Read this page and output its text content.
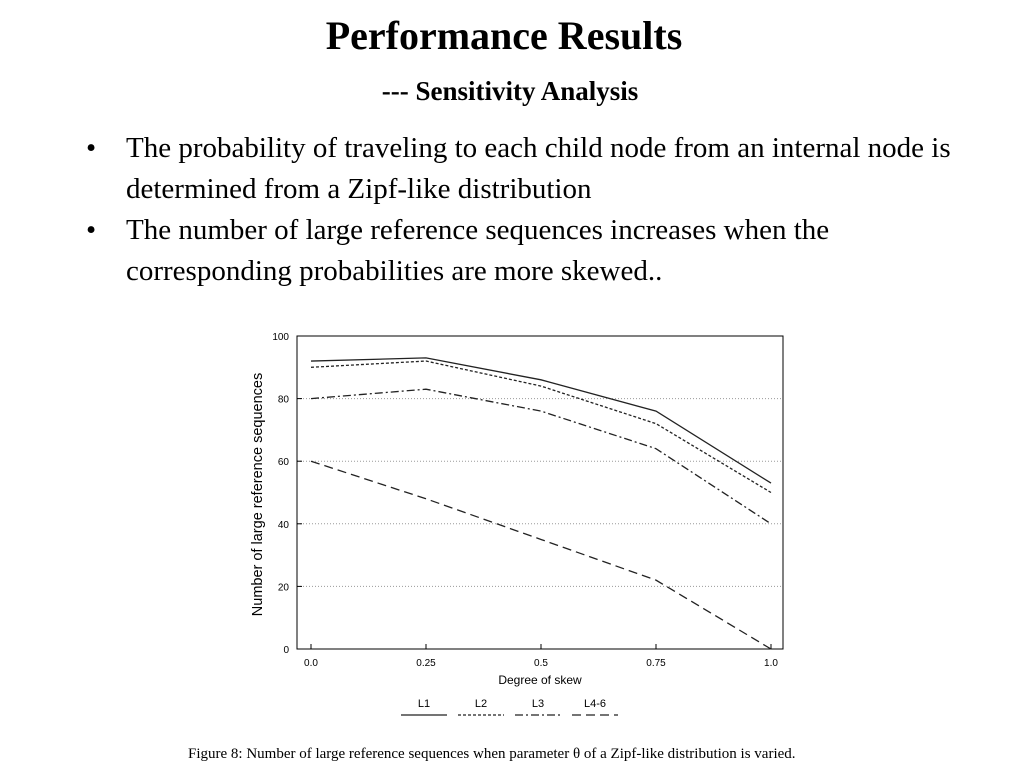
Performance Results
--- Sensitivity Analysis
• The probability of traveling to each child node from an internal node is determined from a Zipf-like distribution
• The number of large reference sequences increases when the corresponding probabilities are more skewed..
0
20
40
60
80
100
0.0	0.25	0.5	0.75	1.0
Degree of skew
Number of large reference sequences
L1	L2	L3	L4-6
Figure 8: Number of large reference sequences when parameter θ of a Zipf-like distribution is varied.
